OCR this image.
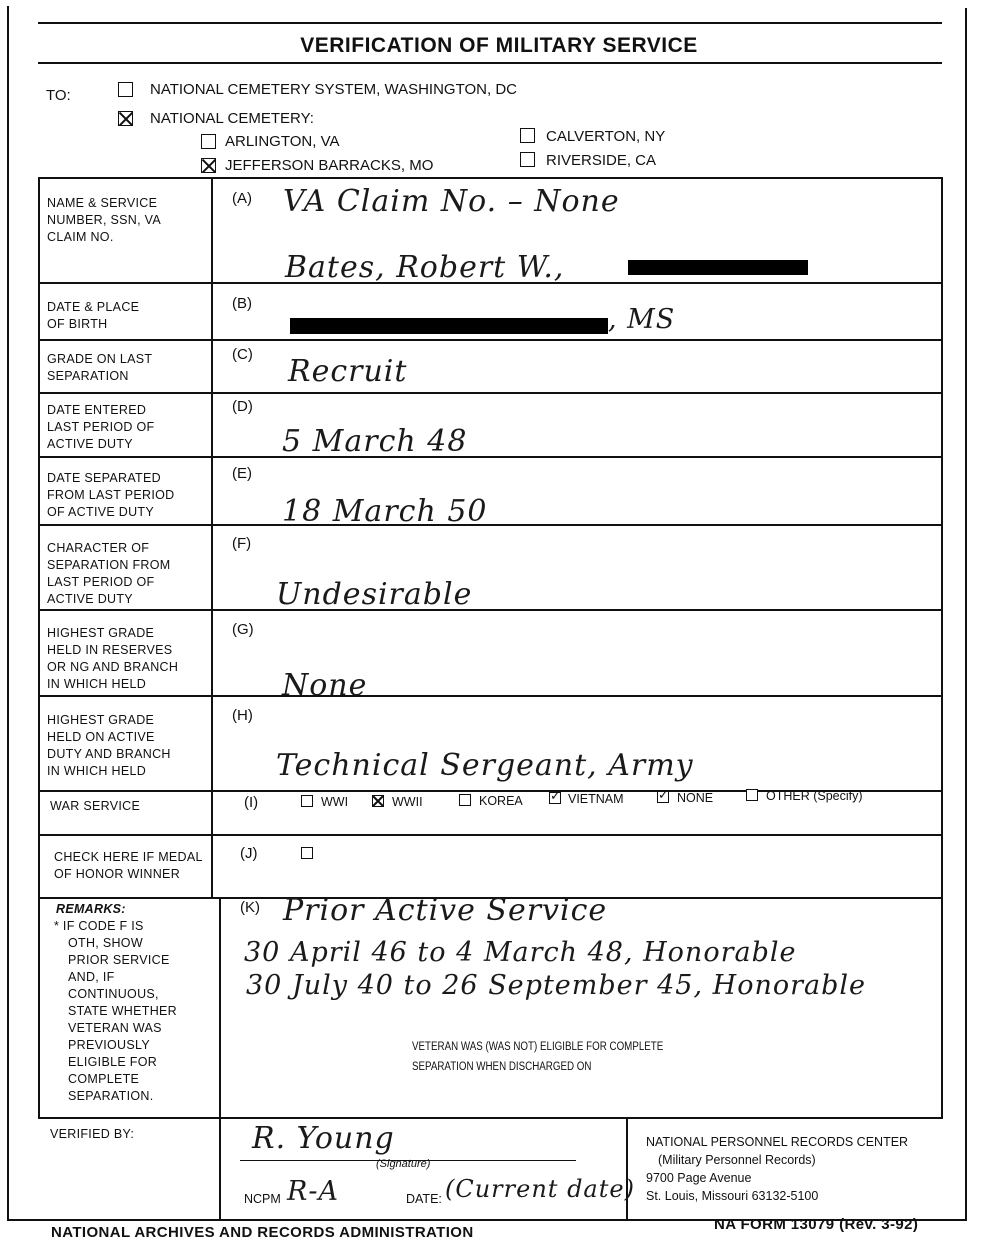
VERIFICATION OF MILITARY SERVICE
TO:	NATIONAL CEMETERY SYSTEM, WASHINGTON, DC
NATIONAL CEMETERY:
ARLINGTON, VA
JEFFERSON BARRACKS, MO
CALVERTON, NY
RIVERSIDE, CA
NAME & SERVICE
NUMBER, SSN, VA
CLAIM NO.
(A) VA Claim No. – None
Bates, Robert W.,
DATE & PLACE
OF BIRTH
(B)
, MS
GRADE ON LAST
SEPARATION
(C) Recruit
DATE ENTERED
LAST PERIOD OF
ACTIVE DUTY
(D)
5 March 48
DATE SEPARATED
FROM LAST PERIOD
OF ACTIVE DUTY
(E)
18 March 50
CHARACTER OF
SEPARATION FROM
LAST PERIOD OF
ACTIVE DUTY
(F)
Undesirable
HIGHEST GRADE
HELD IN RESERVES
OR NG AND BRANCH
IN WHICH HELD
(G)
None
HIGHEST GRADE
HELD ON ACTIVE
DUTY AND BRANCH
IN WHICH HELD
(H)
Technical Sergeant, Army
WAR SERVICE	(I)	WWI	WWII	KOREA ✓	VIETNAM ✓	NONE	OTHER (Specify)
CHECK HERE IF MEDAL
OF HONOR WINNER
(J)
REMARKS:
* IF CODE F IS
OTH, SHOW
PRIOR SERVICE
AND, IF
CONTINUOUS,
STATE WHETHER
VETERAN WAS
PREVIOUSLY
ELIGIBLE FOR
COMPLETE
SEPARATION.
(K) Prior Active Service
30 April 46 to 4 March 48, Honorable
30 July 40 to 26 September 45, Honorable
VETERAN WAS (WAS NOT) ELIGIBLE FOR COMPLETE
SEPARATION WHEN DISCHARGED ON
VERIFIED BY:	R. Young
(Signature)
NCPM R-A	DATE: (Current date)
NATIONAL PERSONNEL RECORDS CENTER
(Military Personnel Records)
9700 Page Avenue
St. Louis, Missouri 63132-5100
NATIONAL ARCHIVES AND RECORDS ADMINISTRATION	NA FORM 13079 (Rev. 3-92)
